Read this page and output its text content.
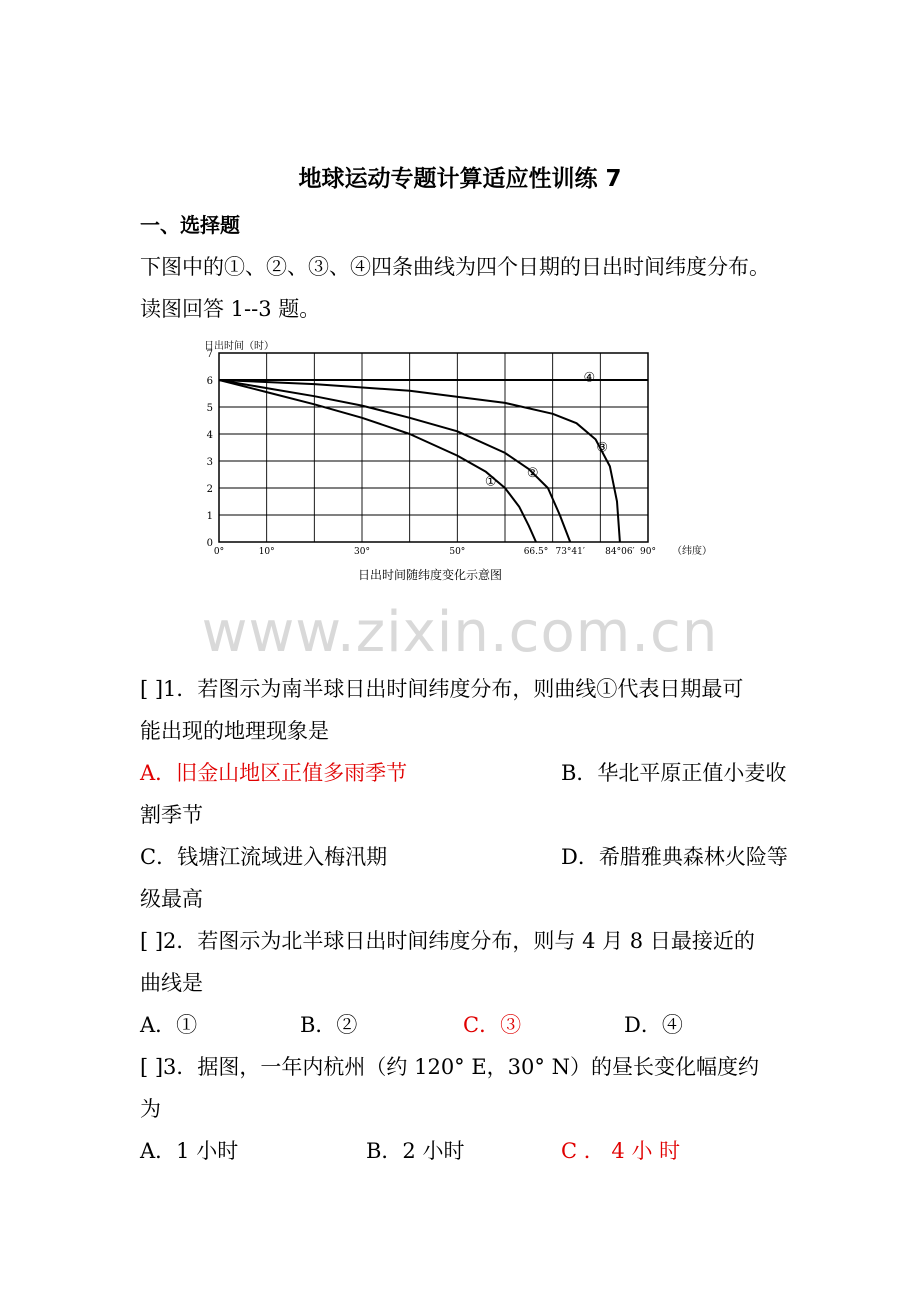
地球运动专题计算适应性训练 7
一、选择题
下图中的①、②、③、④四条曲线为四个日期的日出时间纬度分布。
读图回答 1--3 题。
日出时间（时）
（纬度）
0
1
2
3
4
5
6
7
0°	10°	30°	50°	66.5° 73°41′ 84°06′ 90°
①
②
③
④
日出时间随纬度变化示意图
www.zixin.com.cn
[ ]1．若图示为南半球日出时间纬度分布，则曲线①代表日期最可
能出现的地理现象是
A．旧金山地区正值多雨季节	B．华北平原正值小麦收
割季节
C．钱塘江流域进入梅汛期	D．希腊雅典森林火险等
级最高
[ ]2．若图示为北半球日出时间纬度分布，则与 4 月 8 日最接近的
曲线是
A．①	B．②	C．③	D．④
[ ]3．据图，一年内杭州（约 120° E，30° N）的昼长变化幅度约
为
A．1 小时	B．2 小时	C ． 4 小 时
